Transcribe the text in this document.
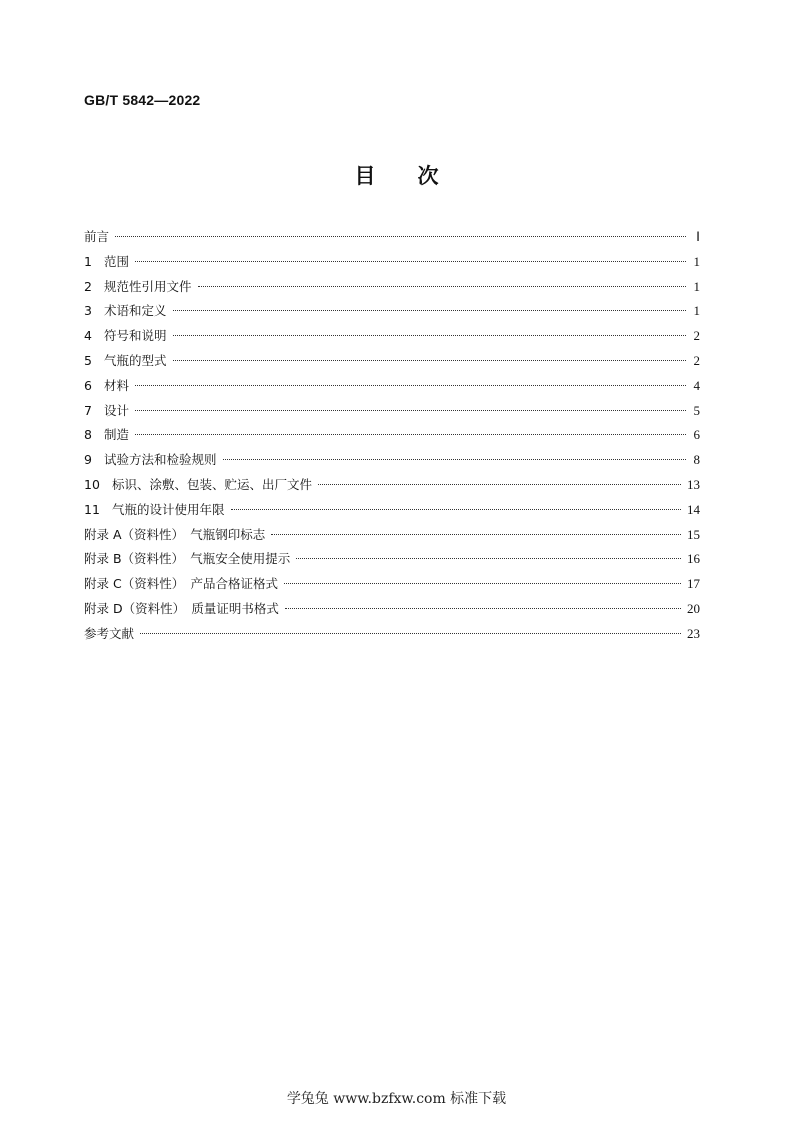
GB/T 5842—2022
目　　次
前言	Ⅰ
1 范围	1
2 规范性引用文件	1
3 术语和定义	1
4 符号和说明	2
5 气瓶的型式	2
6 材料	4
7 设计	5
8 制造	6
9 试验方法和检验规则	8
10 标识、涂敷、包装、贮运、出厂文件	13
11 气瓶的设计使用年限	14
附录 A（资料性）　气瓶钢印标志	15
附录 B（资料性）　气瓶安全使用提示	16
附录 C（资料性）　产品合格证格式	17
附录 D（资料性）　质量证明书格式	20
参考文献	23
学兔兔 www.bzfxw.com 标准下载
